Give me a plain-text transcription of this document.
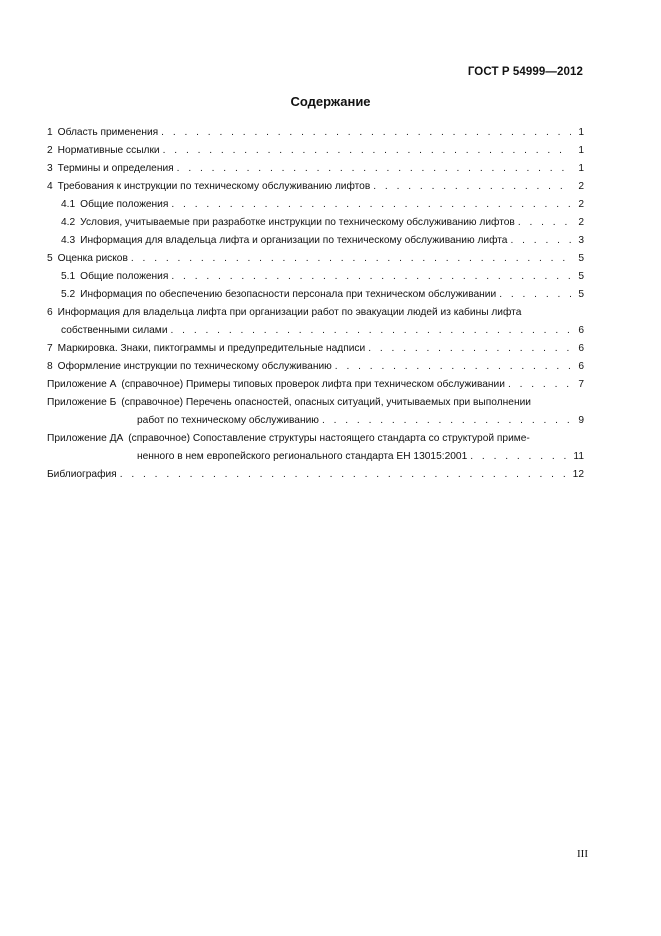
ГОСТ Р 54999—2012
Содержание
1 Область применения . . .	1
2 Нормативные ссылки . . .	1
3 Термины и определения . . .	1
4 Требования к инструкции по техническому обслуживанию лифтов . . .	2
4.1 Общие положения . . .	2
4.2 Условия, учитываемые при разработке инструкции по техническому обслуживанию лифтов . . .	2
4.3 Информация для владельца лифта и организации по техническому обслуживанию лифта . . .	3
5 Оценка рисков . . .	5
5.1 Общие положения . . .	5
5.2 Информация по обеспечению безопасности персонала при техническом обслуживании . . .	5
6 Информация для владельца лифта при организации работ по эвакуации людей из кабины лифта
собственными силами . . .	6
7 Маркировка. Знаки, пиктограммы и предупредительные надписи . . .	6
8 Оформление инструкции по техническому обслуживанию . . .	6
Приложение А (справочное) Примеры типовых проверок лифта при техническом обслуживании . . .	7
Приложение Б (справочное) Перечень опасностей, опасных ситуаций, учитываемых при выполнении
работ по техническому обслуживанию . . .	9
Приложение ДА (справочное) Сопоставление структуры настоящего стандарта со структурой приме-
ненного в нем европейского регионального стандарта ЕН 13015:2001 . . .	11
Библиография . . .	12
III
